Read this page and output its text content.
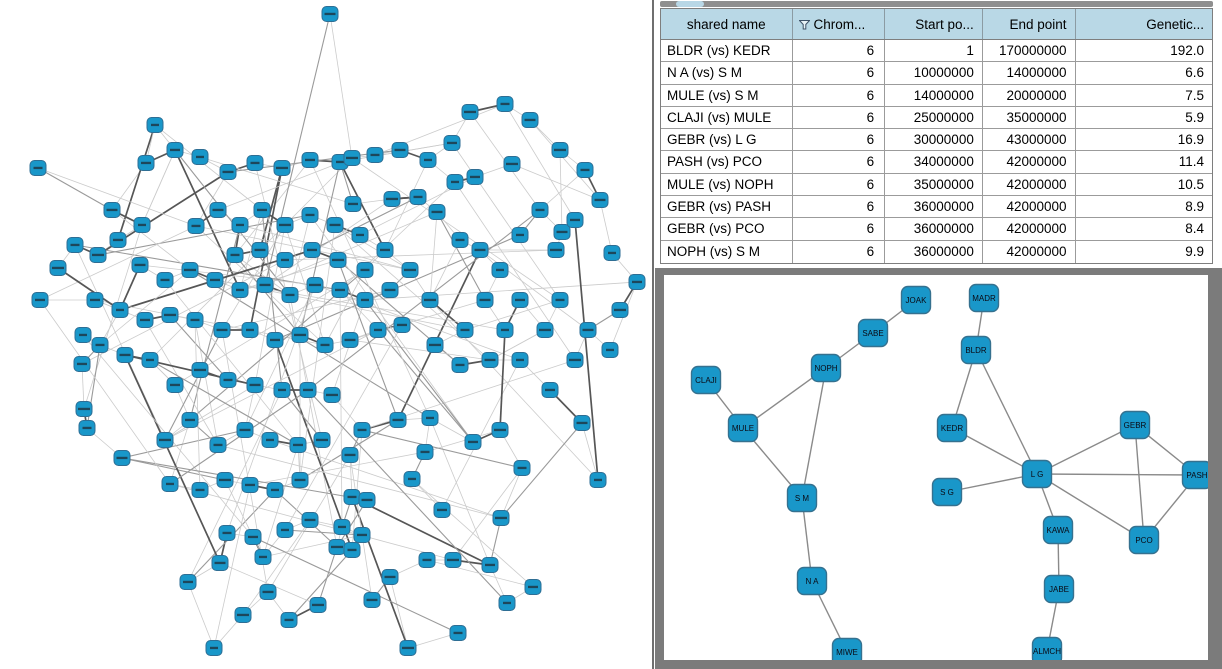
shared name	Chrom...	Start po...	End point	Genetic...
BLDR (vs) KEDR	6	1	170000000	192.0
N A (vs) S M	6	10000000	14000000	6.6
MULE (vs) S M	6	14000000	20000000	7.5
CLAJI (vs) MULE	6	25000000	35000000	5.9
GEBR (vs) L G	6	30000000	43000000	16.9
PASH (vs) PCO	6	34000000	42000000	11.4
MULE (vs) NOPH	6	35000000	42000000	10.5
GEBR (vs) PASH	6	36000000	42000000	8.9
GEBR (vs) PCO	6	36000000	42000000	8.4
NOPH (vs) S M	6	36000000	42000000	9.9
JOAK	MADR
SABE
NOPH
BLDR
CLAJI
MULE	KEDR	GEBR
L G	PASH
S G
S M
KAWA
PCO
N A
JABE
MIWE	ALMCH
